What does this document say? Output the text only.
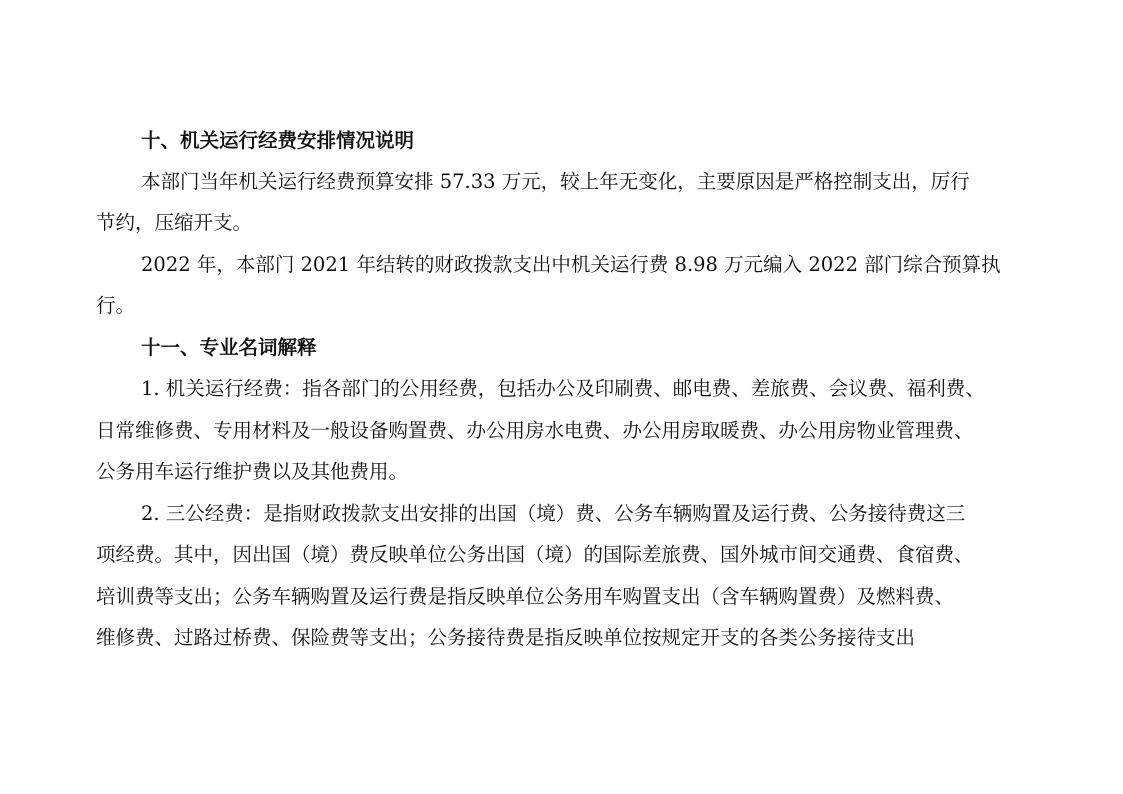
十、机关运行经费安排情况说明
本部门当年机关运行经费预算安排 57.33 万元，较上年无变化，主要原因是严格控制支出，厉行
节约，压缩开支。
2022 年，本部门 2021 年结转的财政拨款支出中机关运行费 8.98 万元编入 2022 部门综合预算执
行。
十一、专业名词解释
1. 机关运行经费：指各部门的公用经费，包括办公及印刷费、邮电费、差旅费、会议费、福利费、
日常维修费、专用材料及一般设备购置费、办公用房水电费、办公用房取暖费、办公用房物业管理费、
公务用车运行维护费以及其他费用。
2. 三公经费：是指财政拨款支出安排的出国（境）费、公务车辆购置及运行费、公务接待费这三
项经费。其中，因出国（境）费反映单位公务出国（境）的国际差旅费、国外城市间交通费、食宿费、
培训费等支出；公务车辆购置及运行费是指反映单位公务用车购置支出（含车辆购置费）及燃料费、
维修费、过路过桥费、保险费等支出；公务接待费是指反映单位按规定开支的各类公务接待支出
